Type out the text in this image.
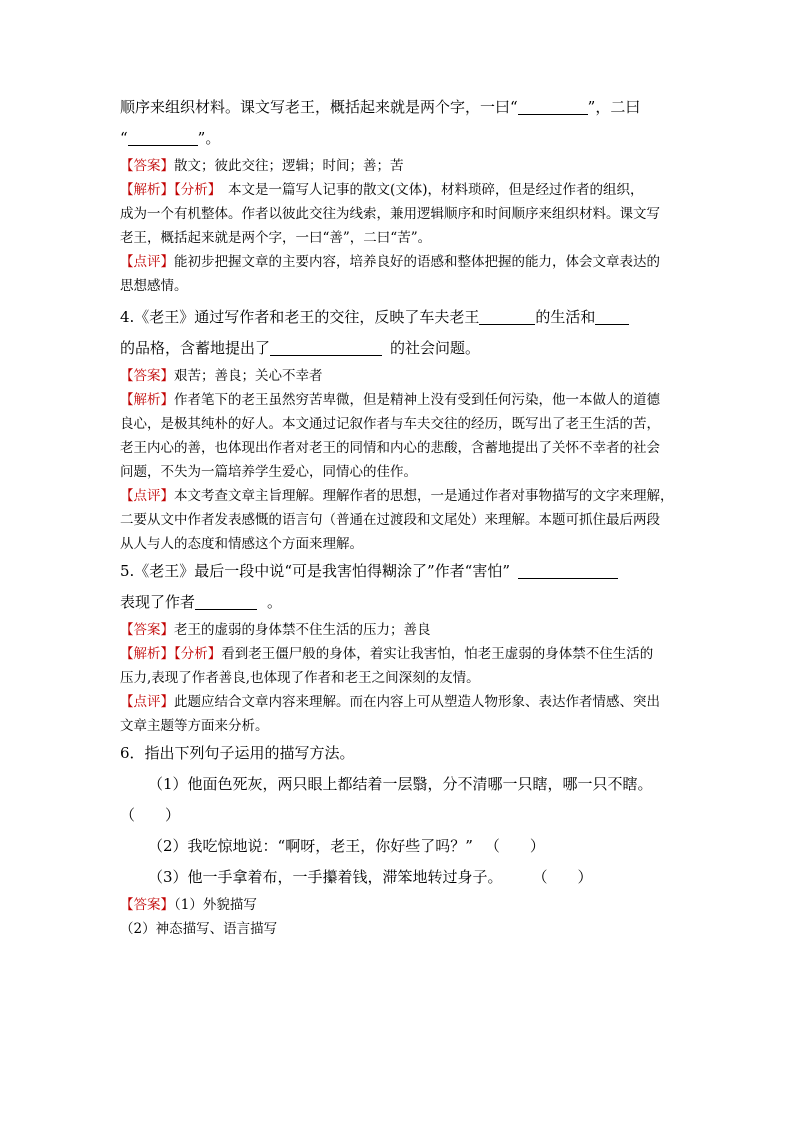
顺序来组织材料。课文写老王，概括起来就是两个字，一曰“	”，二曰
“	”。
【答案】散文；彼此交往；逻辑；时间；善；苦
【解析】【分析】　本文是一篇写人记事的散文(文体)，材料琐碎，但是经过作者的组织，
成为一个有机整体。作者以彼此交往为线索，兼用逻辑顺序和时间顺序来组织材料。课文写
老王，概括起来就是两个字，一曰“善”，二曰“苦”。
【点评】能初步把握文章的主要内容，培养良好的语感和整体把握的能力，体会文章表达的
思想感情。
4.《老王》通过写作者和老王的交往，反映了车夫老王	的生活和
的品格，含蓄地提出了	的社会问题。
【答案】艰苦；善良；关心不幸者
【解析】作者笔下的老王虽然穷苦卑微，但是精神上没有受到任何污染，他一本做人的道德
良心，是极其纯朴的好人。本文通过记叙作者与车夫交往的经历，既写出了老王生活的苦，
老王内心的善，也体现出作者对老王的同情和内心的悲酸，含蓄地提出了关怀不幸者的社会
问题，不失为一篇培养学生爱心，同情心的佳作。
【点评】本文考查文章主旨理解。理解作者的思想，一是通过作者对事物描写的文字来理解，
二要从文中作者发表感慨的语言句（普通在过渡段和文尾处）来理解。本题可抓住最后两段
从人与人的态度和情感这个方面来理解。
5.《老王》最后一段中说“可是我害怕得糊涂了”作者“害怕”
表现了作者	。
【答案】老王的虚弱的身体禁不住生活的压力；善良
【解析】【分析】看到老王僵尸般的身体，着实让我害怕，怕老王虚弱的身体禁不住生活的
压力,表现了作者善良,也体现了作者和老王之间深刻的友情。
【点评】此题应结合文章内容来理解。而在内容上可从塑造人物形象、表达作者情感、突出
文章主题等方面来分析。
6．指出下列句子运用的描写方法。
（1）他面色死灰，两只眼上都结着一层翳，分不清哪一只瞎，哪一只不瞎。
（　　）
（2）我吃惊地说：“啊呀，老王，你好些了吗？” （　　）
（3）他一手拿着布，一手攥着钱，滞笨地转过身子。 （　　）
【答案】（1）外貌描写
（2）神态描写、语言描写
